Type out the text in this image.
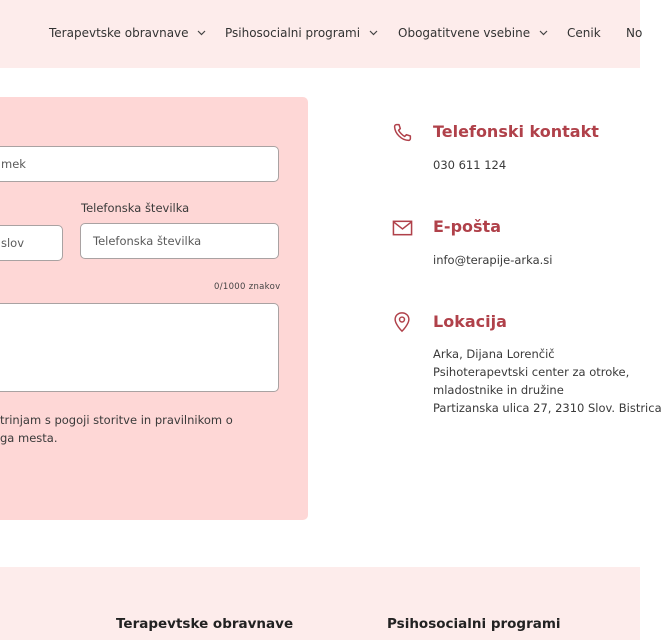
Terapevtske obravnave	Psihosocialni programi	Obogatitvene vsebine	Cenik No
mek
Telefonska številka
slov	Telefonska številka
0/1000 znakov
trinjam s pogoji storitve in pravilnikom o ga mesta.
Telefonski kontakt
030 611 124
E-pošta
info@terapije-arka.si
Lokacija
Arka, Dijana Lorenčič
Psihoterapevtski center za otroke,
mladostnike in družine
Partizanska ulica 27, 2310 Slov. Bistrica
Terapevtske obravnave	Psihosocialni programi
